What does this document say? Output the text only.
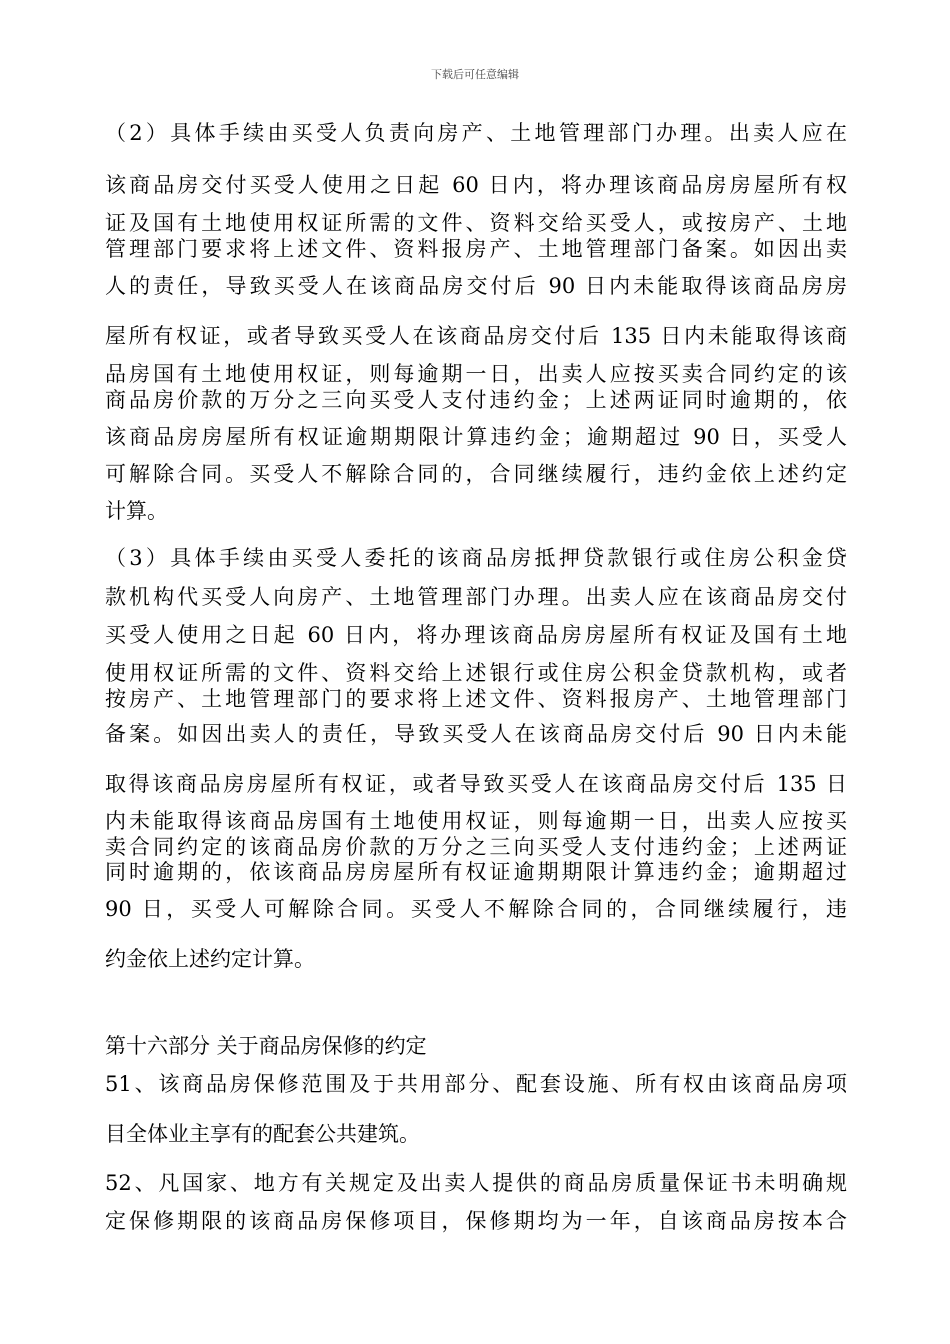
下载后可任意编辑
（2）具体手续由买受人负责向房产、土地管理部门办理。出卖人应在
该商品房交付买受人使用之日起 60 日内，将办理该商品房房屋所有权
证及国有土地使用权证所需的文件、资料交给买受人，或按房产、土地
管理部门要求将上述文件、资料报房产、土地管理部门备案。如因出卖
人的责任，导致买受人在该商品房交付后 90 日内未能取得该商品房房
屋所有权证，或者导致买受人在该商品房交付后 135 日内未能取得该商
品房国有土地使用权证，则每逾期一日，出卖人应按买卖合同约定的该
商品房价款的万分之三向买受人支付违约金；上述两证同时逾期的，依
该商品房房屋所有权证逾期期限计算违约金；逾期超过 90 日，买受人
可解除合同。买受人不解除合同的，合同继续履行，违约金依上述约定
计算。
（3）具体手续由买受人委托的该商品房抵押贷款银行或住房公积金贷
款机构代买受人向房产、土地管理部门办理。出卖人应在该商品房交付
买受人使用之日起 60 日内，将办理该商品房房屋所有权证及国有土地
使用权证所需的文件、资料交给上述银行或住房公积金贷款机构，或者
按房产、土地管理部门的要求将上述文件、资料报房产、土地管理部门
备案。如因出卖人的责任，导致买受人在该商品房交付后 90 日内未能
取得该商品房房屋所有权证，或者导致买受人在该商品房交付后 135 日
内未能取得该商品房国有土地使用权证，则每逾期一日，出卖人应按买
卖合同约定的该商品房价款的万分之三向买受人支付违约金；上述两证
同时逾期的，依该商品房房屋所有权证逾期期限计算违约金；逾期超过
90 日，买受人可解除合同。买受人不解除合同的，合同继续履行，违
约金依上述约定计算。
第十六部分 关于商品房保修的约定
51、该商品房保修范围及于共用部分、配套设施、所有权由该商品房项
目全体业主享有的配套公共建筑。
52、凡国家、地方有关规定及出卖人提供的商品房质量保证书未明确规
定保修期限的该商品房保修项目，保修期均为一年，自该商品房按本合
